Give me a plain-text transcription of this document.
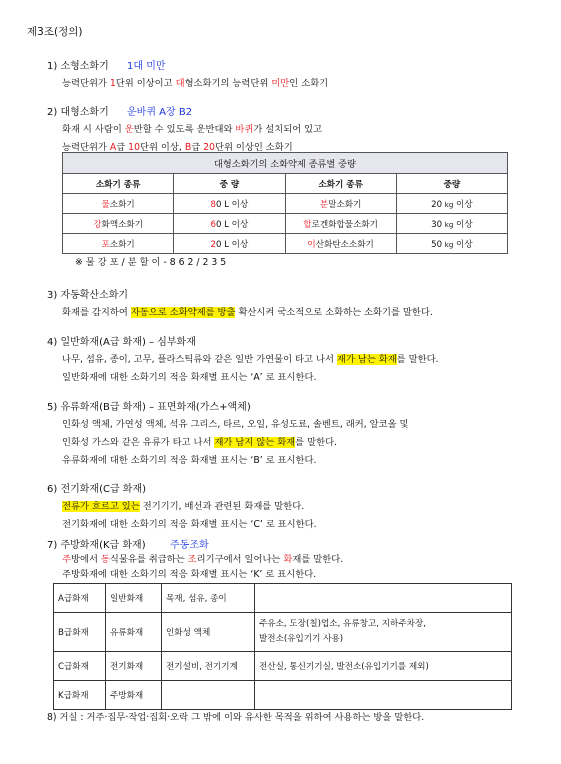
제3조(정의)
1) 소형소화기 1대 미만
능력단위가 1단위 이상이고 대형소화기의 능력단위 미만인 소화기
2) 대형소화기 운바퀴 A장 B2
화재 시 사람이 운반할 수 있도록 운반대와 바퀴가 설치되어 있고
능력단위가 A급 10단위 이상, B급 20단위 이상인 소화기
대형소화기의 소화약제 종류별 중량			
소화기 종류	중 량	소화기 종류	중량
물소화기	80 L 이상	분말소화기	20 kg 이상
강화액소화기	60 L 이상	할로겐화합물소화기	30 kg 이상
포소화기	20 L 이상	이산화탄소소화기	50 kg 이상
※ 물 강 포 / 분 할 이 - 8 6 2 / 2 3 5
3) 자동확산소화기
화재를 감지하여 자동으로 소화약제를 방출 확산시켜 국소적으로 소화하는 소화기를 말한다.
4) 일반화재(A급 화재) – 심부화재
나무, 섬유, 종이, 고무, 플라스틱류와 같은 일반 가연물이 타고 나서 재가 남는 화재를 말한다.
일반화재에 대한 소화기의 적응 화재별 표시는 ‘A’ 로 표시한다.
5) 유류화재(B급 화재) – 표면화재(가스+액체)
인화성 액체, 가연성 액체, 석유 그리스, 타르, 오일, 유성도료, 솔벤트, 래커, 알코올 및
인화성 가스와 같은 유류가 타고 나서 재가 남지 않는 화재를 말한다.
유류화재에 대한 소화기의 적응 화재별 표시는 ‘B’ 로 표시한다.
6) 전기화재(C급 화재)
전류가 흐르고 있는 전기기기, 배선과 관련된 화재를 말한다.
전기화재에 대한 소화기의 적응 화재별 표시는 ‘C’ 로 표시한다.
7) 주방화재(K급 화재) 주동조화
주방에서 동식물유를 취급하는 조리기구에서 일어나는 화재를 말한다.
주방화재에 대한 소화기의 적응 화재별 표시는 ‘K’ 로 표시한다.
A급화재	일반화재	목재, 섬유, 종이	
B급화재	유류화재	인화성 액체	주유소, 도장(칠)업소, 유류창고, 지하주차장,
발전소(유입기기 사용)
C급화재	전기화재	전기설비, 전기기계	전산실, 통신기기실, 발전소(유입기기를 제외)
K급화재	주방화재		
8) 거실 : 거주·집무·작업·집회·오락 그 밖에 이와 유사한 목적을 위하여 사용하는 방을 말한다.
